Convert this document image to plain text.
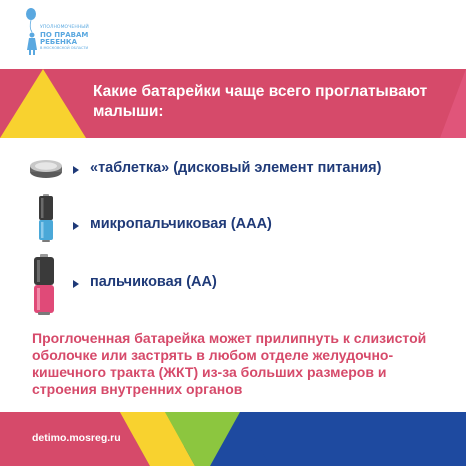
УПОЛНОМОЧЕННЫЙ
ПО ПРАВАМ
РЕБЕНКА
В МОСКОВСКОЙ ОБЛАСТИ
Какие батарейки чаще всего проглатывают малыши:
«таблетка» (дисковый элемент питания)
микропальчиковая (AAA)
пальчиковая (AA)
Проглоченная батарейка может прилипнуть к слизистой оболочке или застрять в любом отделе желудочно-кишечного тракта (ЖКТ) из-за больших размеров и строения внутренних органов
detimo.mosreg.ru
